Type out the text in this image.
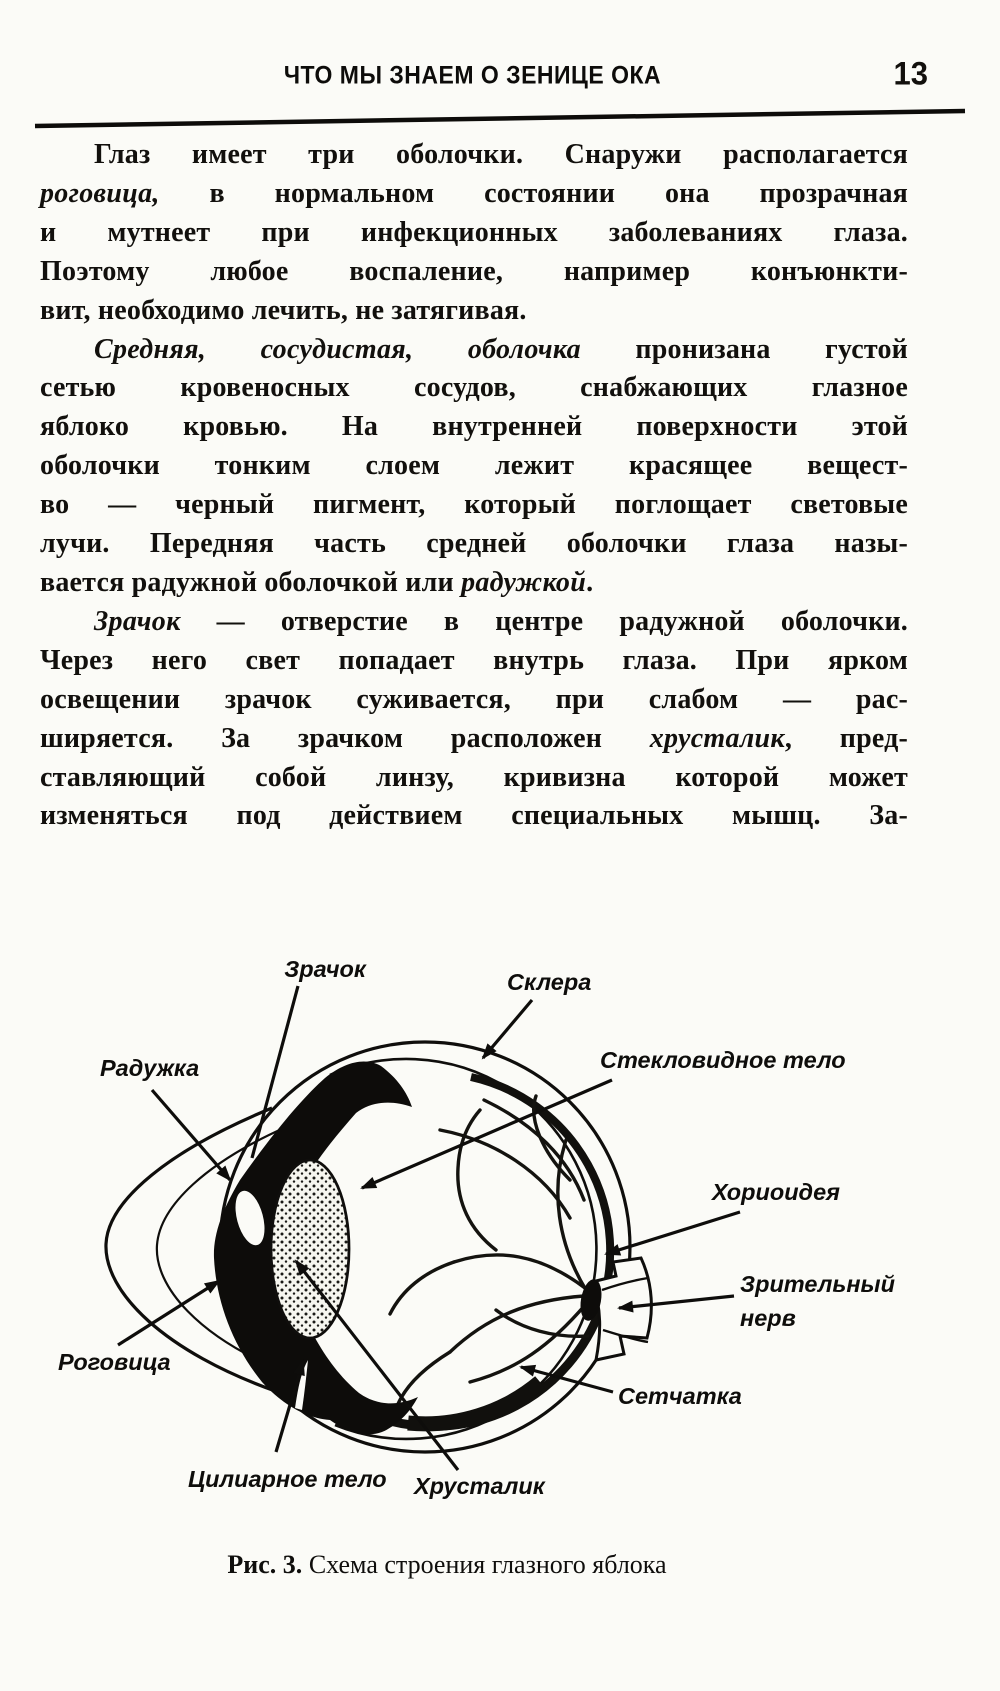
ЧТО МЫ ЗНАЕМ О ЗЕНИЦЕ ОКА	13
Глаз имеет три оболочки. Снаружи располагается
роговица, в нормальном состоянии она прозрачная
и мутнеет при инфекционных заболеваниях глаза.
Поэтому любое воспаление, например конъюнкти-
вит, необходимо лечить, не затягивая.
Средняя, сосудистая, оболочка пронизана густой
сетью кровеносных сосудов, снабжающих глазное
яблоко кровью. На внутренней поверхности этой
оболочки тонким слоем лежит красящее вещест-
во — черный пигмент, который поглощает световые
лучи. Передняя часть средней оболочки глаза назы-
вается радужной оболочкой или радужкой.
Зрачок — отверстие в центре радужной оболочки.
Через него свет попадает внутрь глаза. При ярком
освещении зрачок суживается, при слабом — рас-
ширяется. За зрачком расположен хрусталик, пред-
ставляющий собой линзу, кривизна которой может
изменяться под действием специальных мышц. За-
Зрачок	Склера
Стекловидное тело
Радужка
Хориоидея
Зрительный
нерв
Роговица
Сетчатка
Цилиарное тело Хрусталик
Рис. 3. Схема строения глазного яблока
